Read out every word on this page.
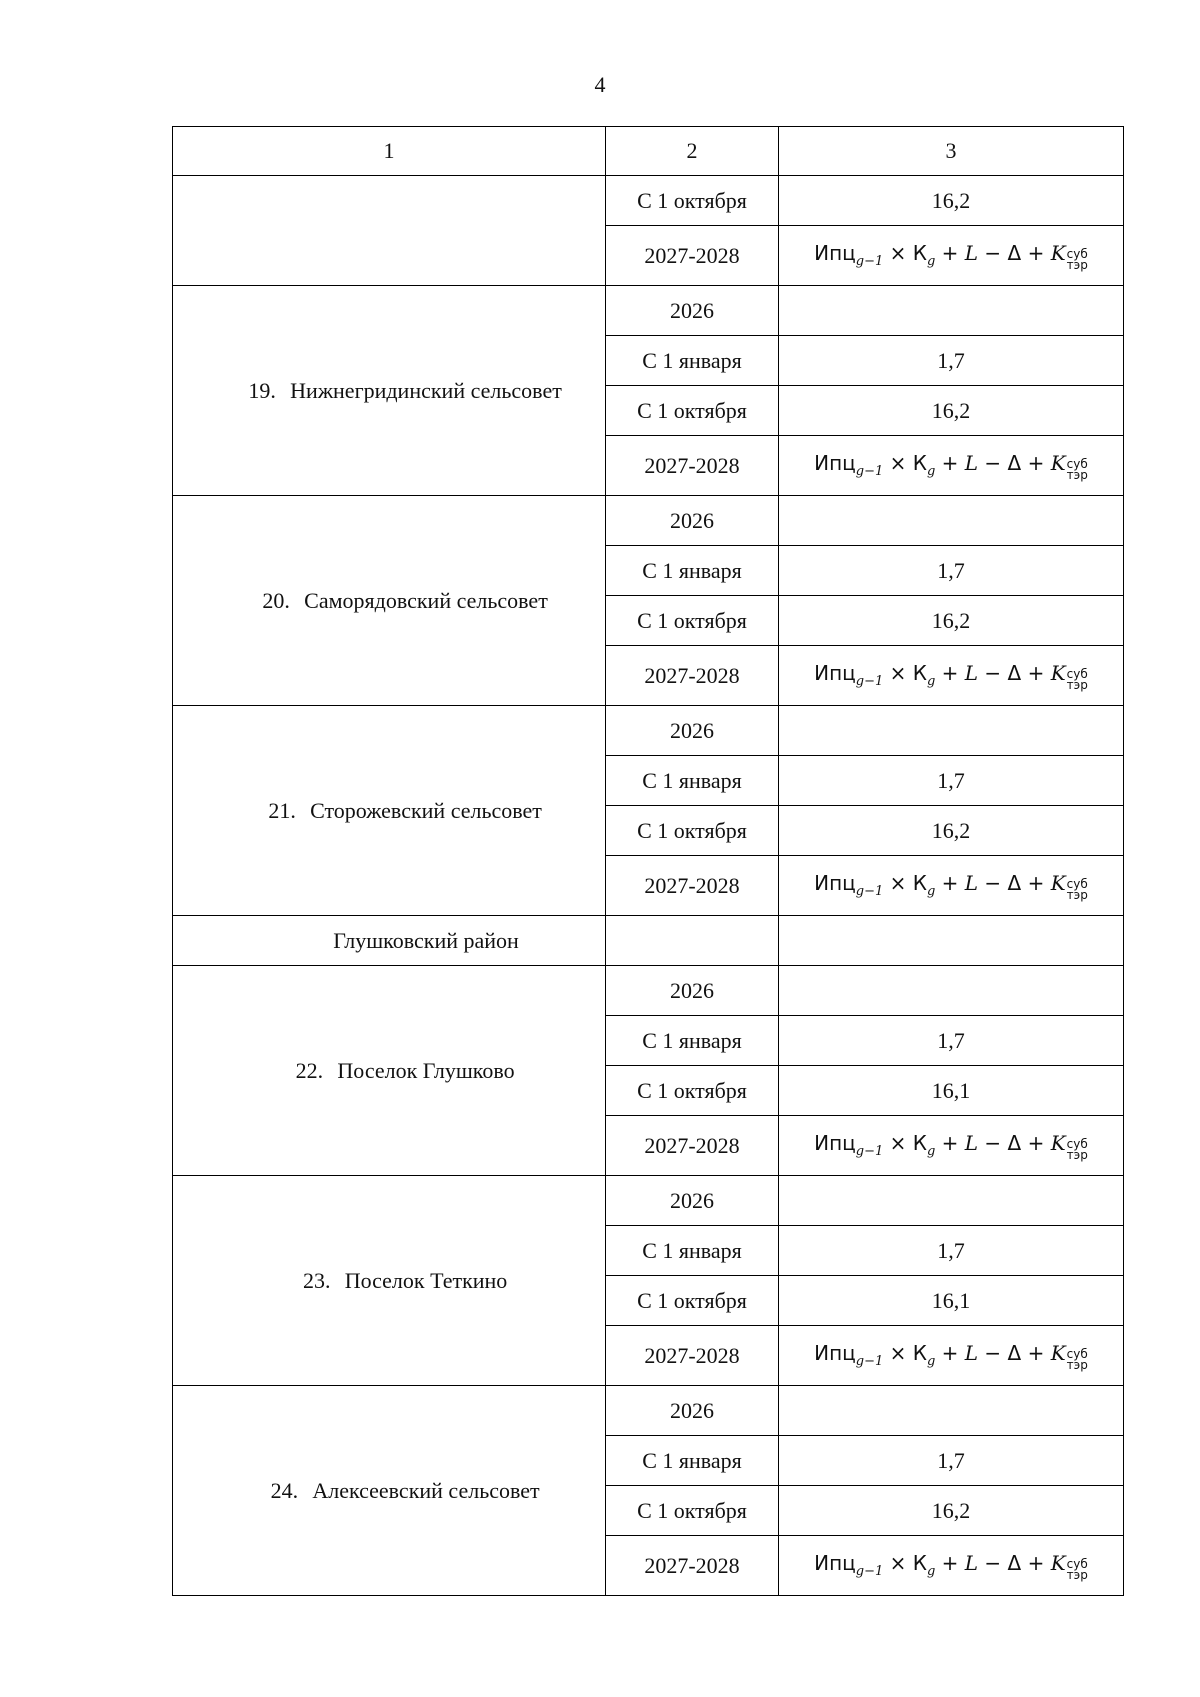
4
1	2	3
	С 1 октября	16,2
	2027-2028	$Ипц_{g-1} \times К_g + L - \Delta + K$ суб
тэр

19. Нижнегридинский сельсовет	2026	
	С 1 января	1,7
	С 1 октября	16,2
	2027-2028	$Ипц_{g-1} \times К_g + L - \Delta + K$ суб
тэр

20. Саморядовский сельсовет	2026	
	С 1 января	1,7
	С 1 октября	16,2
	2027-2028	$Ипц_{g-1} \times К_g + L - \Delta + K$ суб
тэр

21. Сторожевский сельсовет	2026	
	С 1 января	1,7
	С 1 октября	16,2
	2027-2028	$Ипц_{g-1} \times К_g + L - \Delta + K$ суб
тэр

Глушковский район		
22. Поселок Глушково	2026	
	С 1 января	1,7
	С 1 октября	16,1
	2027-2028	$Ипц_{g-1} \times К_g + L - \Delta + K$ суб
тэр

23. Поселок Теткино	2026	
	С 1 января	1,7
	С 1 октября	16,1
	2027-2028	$Ипц_{g-1} \times К_g + L - \Delta + K$ суб
тэр

24. Алексеевский сельсовет	2026	
	С 1 января	1,7
	С 1 октября	16,2
	2027-2028	$Ипц_{g-1} \times К_g + L - \Delta + K$ суб
тэр
